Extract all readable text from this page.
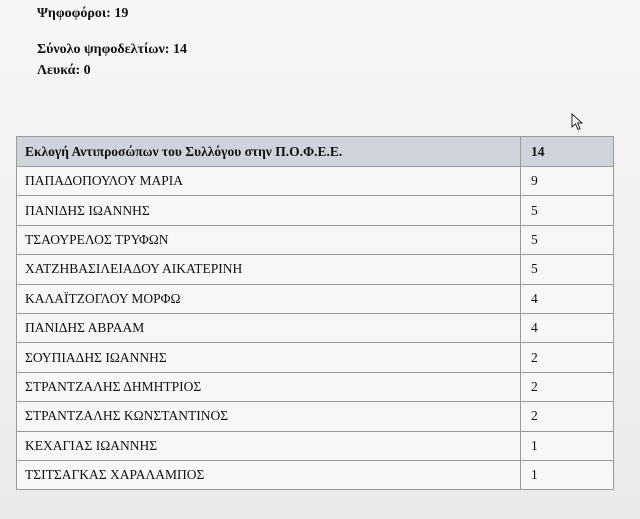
Ψηφοφόροι: 19
Σύνολο ψηφοδελτίων: 14
Λευκά: 0
Εκλογή Αντιπροσώπων του Συλλόγου στην Π.Ο.Φ.Ε.Ε.	14
ΠΑΠΑΔΟΠΟΥΛΟΥ ΜΑΡΙΑ	9
ΠΑΝΙΔΗΣ ΙΩΑΝΝΗΣ	5
ΤΣΑΟΥΡΕΛΟΣ ΤΡΥΦΩΝ	5
ΧΑΤΖΗΒΑΣΙΛΕΙΑΔΟΥ ΑΙΚΑΤΕΡΙΝΗ	5
ΚΑΛΑΪΤΖΟΓΛΟΥ ΜΟΡΦΩ	4
ΠΑΝΙΔΗΣ ΑΒΡΑΑΜ	4
ΣΟΥΠΙΑΔΗΣ ΙΩΑΝΝΗΣ	2
ΣΤΡΑΝΤΖΑΛΗΣ ΔΗΜΗΤΡΙΟΣ	2
ΣΤΡΑΝΤΖΑΛΗΣ ΚΩΝΣΤΑΝΤΙΝΟΣ	2
ΚΕΧΑΓΙΑΣ ΙΩΑΝΝΗΣ	1
ΤΣΙΤΣΑΓΚΑΣ ΧΑΡΑΛΑΜΠΟΣ	1
